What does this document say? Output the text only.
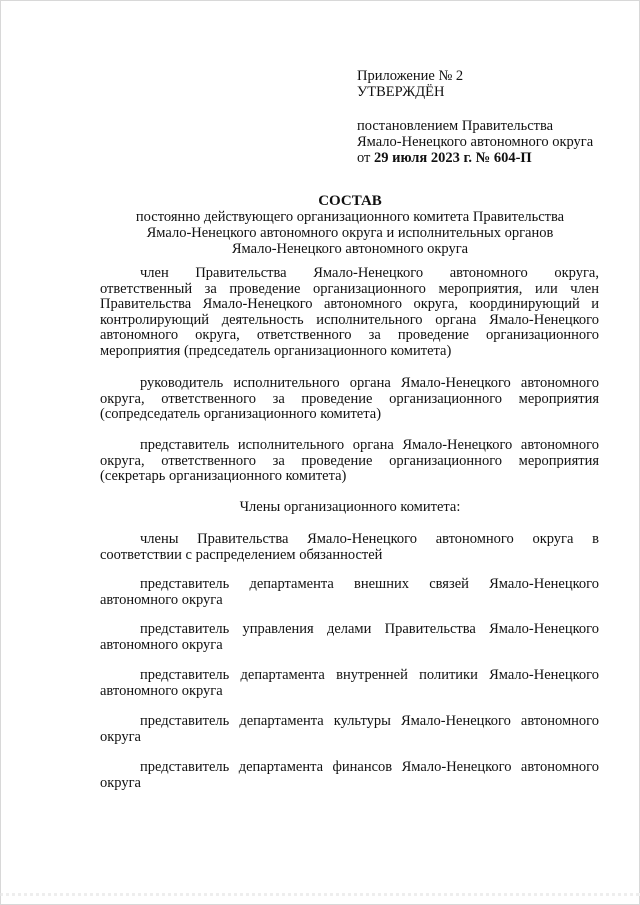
Приложение № 2
УТВЕРЖДЁН
постановлением Правительства
Ямало-Ненецкого автономного округа
от 29 июля 2023 г. № 604-П
СОСТАВ
постоянно действующего организационного комитета Правительства
Ямало-Ненецкого автономного округа и исполнительных органов
Ямало-Ненецкого автономного округа
член Правительства Ямало-Ненецкого автономного округа, ответственный за проведение организационного мероприятия, или член Правительства Ямало-Ненецкого автономного округа, координирующий и контролирующий деятельность исполнительного органа Ямало-Ненецкого автономного округа, ответственного за проведение организационного мероприятия (председатель организационного комитета)
руководитель исполнительного органа Ямало-Ненецкого автономного округа, ответственного за проведение организационного мероприятия (сопредседатель организационного комитета)
представитель исполнительного органа Ямало-Ненецкого автономного округа, ответственного за проведение организационного мероприятия (секретарь организационного комитета)
Члены организационного комитета:
члены Правительства Ямало-Ненецкого автономного округа в соответствии с распределением обязанностей
представитель департамента внешних связей Ямало-Ненецкого автономного округа
представитель управления делами Правительства Ямало-Ненецкого автономного округа
представитель департамента внутренней политики Ямало-Ненецкого автономного округа
представитель департамента культуры Ямало-Ненецкого автономного округа
представитель департамента финансов Ямало-Ненецкого автономного округа
